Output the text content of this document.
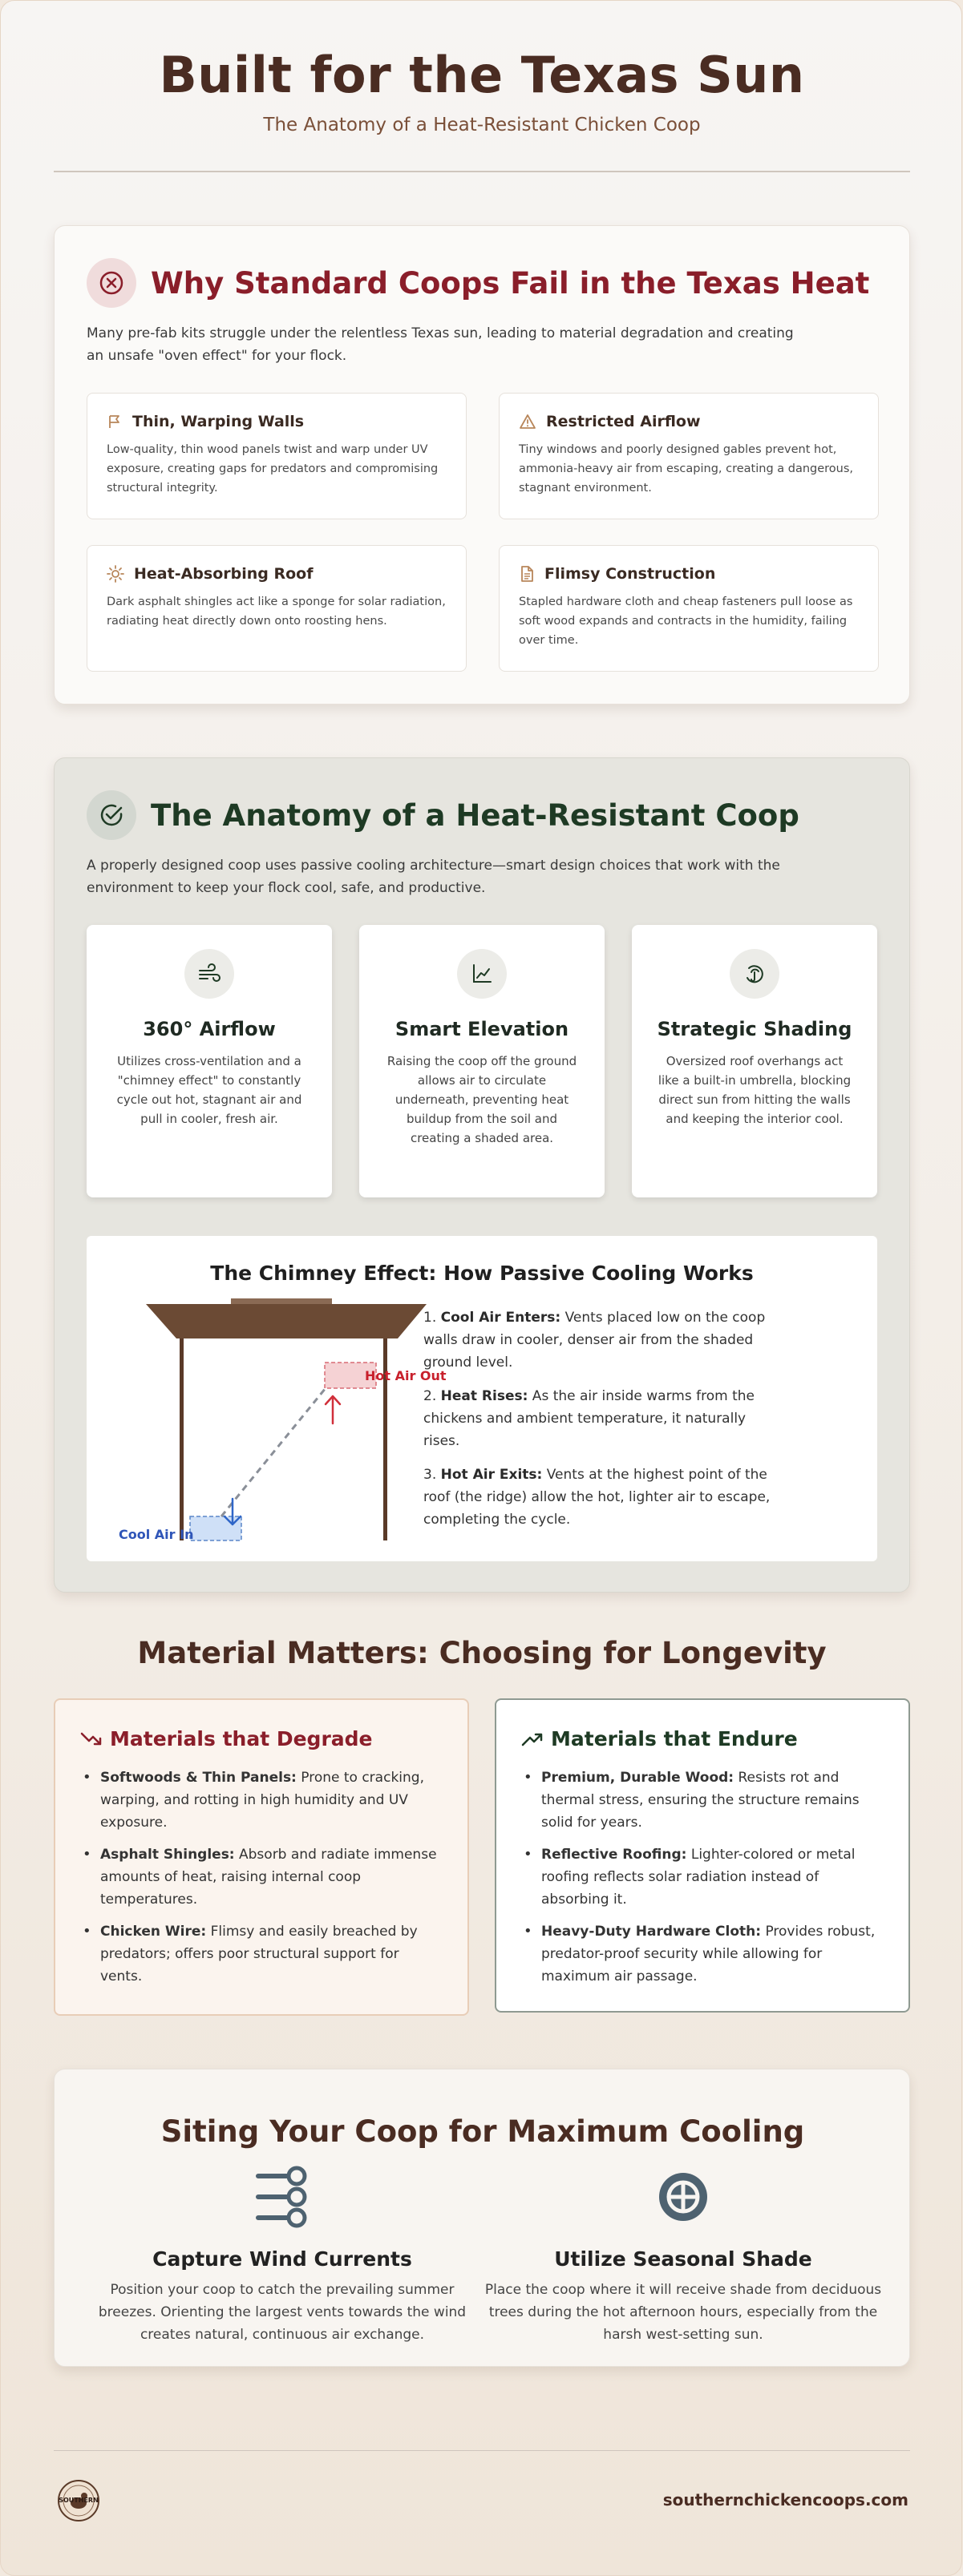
Built for the Texas Sun
The Anatomy of a Heat-Resistant Chicken Coop
Why Standard Coops Fail in the Texas Heat
Many pre-fab kits struggle under the relentless Texas sun, leading to material degradation and creating an unsafe "oven effect" for your flock.
Thin, Warping Walls
Low-quality, thin wood panels twist and warp under UV exposure, creating gaps for predators and compromising structural integrity.
Restricted Airflow
Tiny windows and poorly designed gables prevent hot, ammonia-heavy air from escaping, creating a dangerous, stagnant environment.
Heat-Absorbing Roof
Dark asphalt shingles act like a sponge for solar radiation, radiating heat directly down onto roosting hens.
Flimsy Construction
Stapled hardware cloth and cheap fasteners pull loose as soft wood expands and contracts in the humidity, failing over time.
The Anatomy of a Heat-Resistant Coop
A properly designed coop uses passive cooling architecture—smart design choices that work with the environment to keep your flock cool, safe, and productive.
360° Airflow
Utilizes cross-ventilation and a "chimney effect" to constantly cycle out hot, stagnant air and pull in cooler, fresh air.
Smart Elevation
Raising the coop off the ground allows air to circulate underneath, preventing heat buildup from the soil and creating a shaded area.
Strategic Shading
Oversized roof overhangs act like a built-in umbrella, blocking direct sun from hitting the walls and keeping the interior cool.
The Chimney Effect: How Passive Cooling Works
Hot Air Out
Cool Air In

1. Cool Air Enters: Vents placed low on the coop walls draw in cooler, denser air from the shaded ground level.

2. Heat Rises: As the air inside warms from the chickens and ambient temperature, it naturally rises.

3. Hot Air Exits: Vents at the highest point of the roof (the ridge) allow the hot, lighter air to escape, completing the cycle.

Material Matters: Choosing for Longevity
Materials that Degrade
• Softwoods & Thin Panels: Prone to cracking, warping, and rotting in high humidity and UV exposure.
• Asphalt Shingles: Absorb and radiate immense amounts of heat, raising internal coop temperatures.
• Chicken Wire: Flimsy and easily breached by predators; offers poor structural support for vents.
Materials that Endure
• Premium, Durable Wood: Resists rot and thermal stress, ensuring the structure remains solid for years.
• Reflective Roofing: Lighter-colored or metal roofing reflects solar radiation instead of absorbing it.
• Heavy-Duty Hardware Cloth: Provides robust, predator-proof security while allowing for maximum air passage.
Siting Your Coop for Maximum Cooling
Capture Wind Currents
Position your coop to catch the prevailing summer breezes. Orienting the largest vents towards the wind creates natural, continuous air exchange.
Utilize Seasonal Shade
Place the coop where it will receive shade from deciduous trees during the hot afternoon hours, especially from the harsh west-setting sun.
SOUTHERN	southernchickencoops.com
